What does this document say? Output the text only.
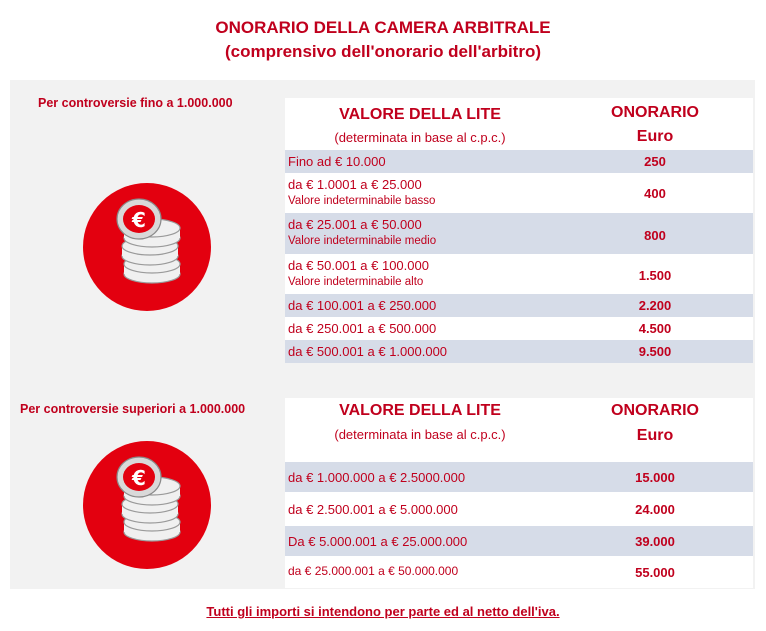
ONORARIO DELLA CAMERA ARBITRALE
(comprensivo dell'onorario dell'arbitro)
Per controversie fino a 1.000.000
€
VALORE DELLA LITE
(determinata in base al c.p.c.)
ONORARIO
Euro
Fino ad € 10.000	250
da € 1.0001 a € 25.000
Valore indeterminabile basso	400
da € 25.001 a € 50.000
Valore indeterminabile medio	800
da € 50.001 a € 100.000
Valore indeterminabile alto	1.500
da € 100.001 a € 250.000	2.200
da € 250.001 a € 500.000	4.500
da € 500.001 a € 1.000.000	9.500
Per controversie superiori a 1.000.000
€
VALORE DELLA LITE
(determinata in base al c.p.c.)
ONORARIO
Euro
da € 1.000.000 a € 2.5000.000	15.000
da € 2.500.001 a € 5.000.000	24.000
Da € 5.000.001 a € 25.000.000	39.000
da € 25.000.001 a € 50.000.000	55.000
Tutti gli importi si intendono per parte ed al netto dell'iva.
